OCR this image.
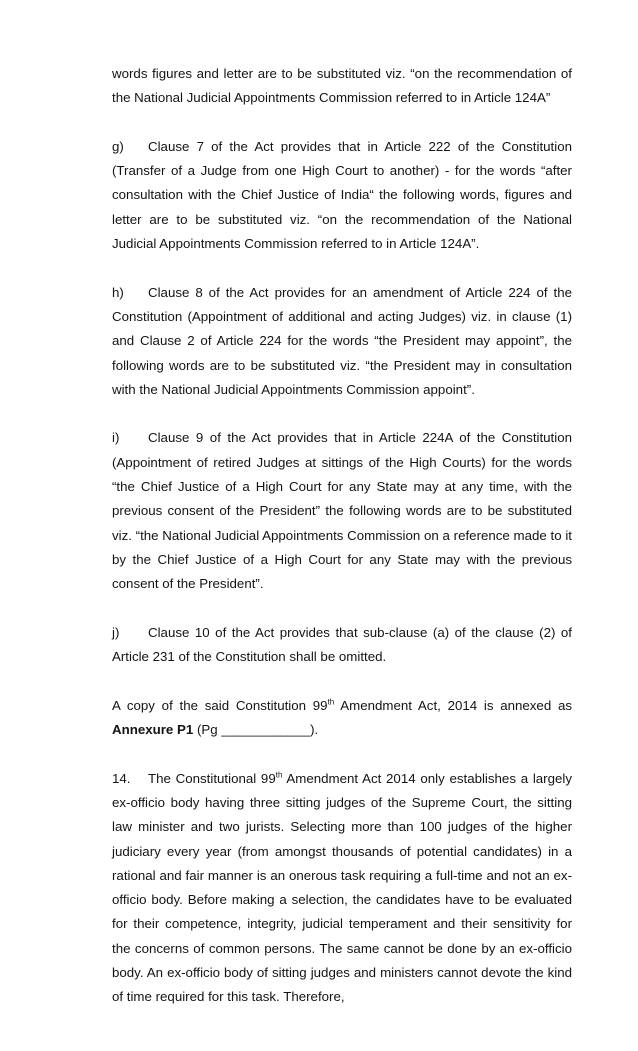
words figures and letter are to be substituted viz. “on the recommendation of the National Judicial Appointments Commission referred to in Article 124A”

g) Clause 7 of the Act provides that in Article 222 of the Constitution (Transfer of a Judge from one High Court to another) - for the words “after consultation with the Chief Justice of India“ the following words, figures and letter are to be substituted viz. “on the recommendation of the National Judicial Appointments Commission referred to in Article 124A”.

h) Clause 8 of the Act provides for an amendment of Article 224 of the Constitution (Appointment of additional and acting Judges) viz. in clause (1) and Clause 2 of Article 224 for the words “the President may appoint”, the following words are to be substituted viz. “the President may in consultation with the National Judicial Appointments Commission appoint”.

i) Clause 9 of the Act provides that in Article 224A of the Constitution (Appointment of retired Judges at sittings of the High Courts) for the words “the Chief Justice of a High Court for any State may at any time, with the previous consent of the President” the following words are to be substituted viz. “the National Judicial Appointments Commission on a reference made to it by the Chief Justice of a High Court for any State may with the previous consent of the President”.

j) Clause 10 of the Act provides that sub-clause (a) of the clause (2) of Article 231 of the Constitution shall be omitted.

A copy of the said Constitution 99th Amendment Act, 2014 is annexed as Annexure P1 (Pg ____________).

14. The Constitutional 99th Amendment Act 2014 only establishes a largely ex-officio body having three sitting judges of the Supreme Court, the sitting law minister and two jurists. Selecting more than 100 judges of the higher judiciary every year (from amongst thousands of potential candidates) in a rational and fair manner is an onerous task requiring a full-time and not an ex-officio body. Before making a selection, the candidates have to be evaluated for their competence, integrity, judicial temperament and their sensitivity for the concerns of common persons. The same cannot be done by an ex-officio body. An ex-officio body of sitting judges and ministers cannot devote the kind of time required for this task. Therefore,
